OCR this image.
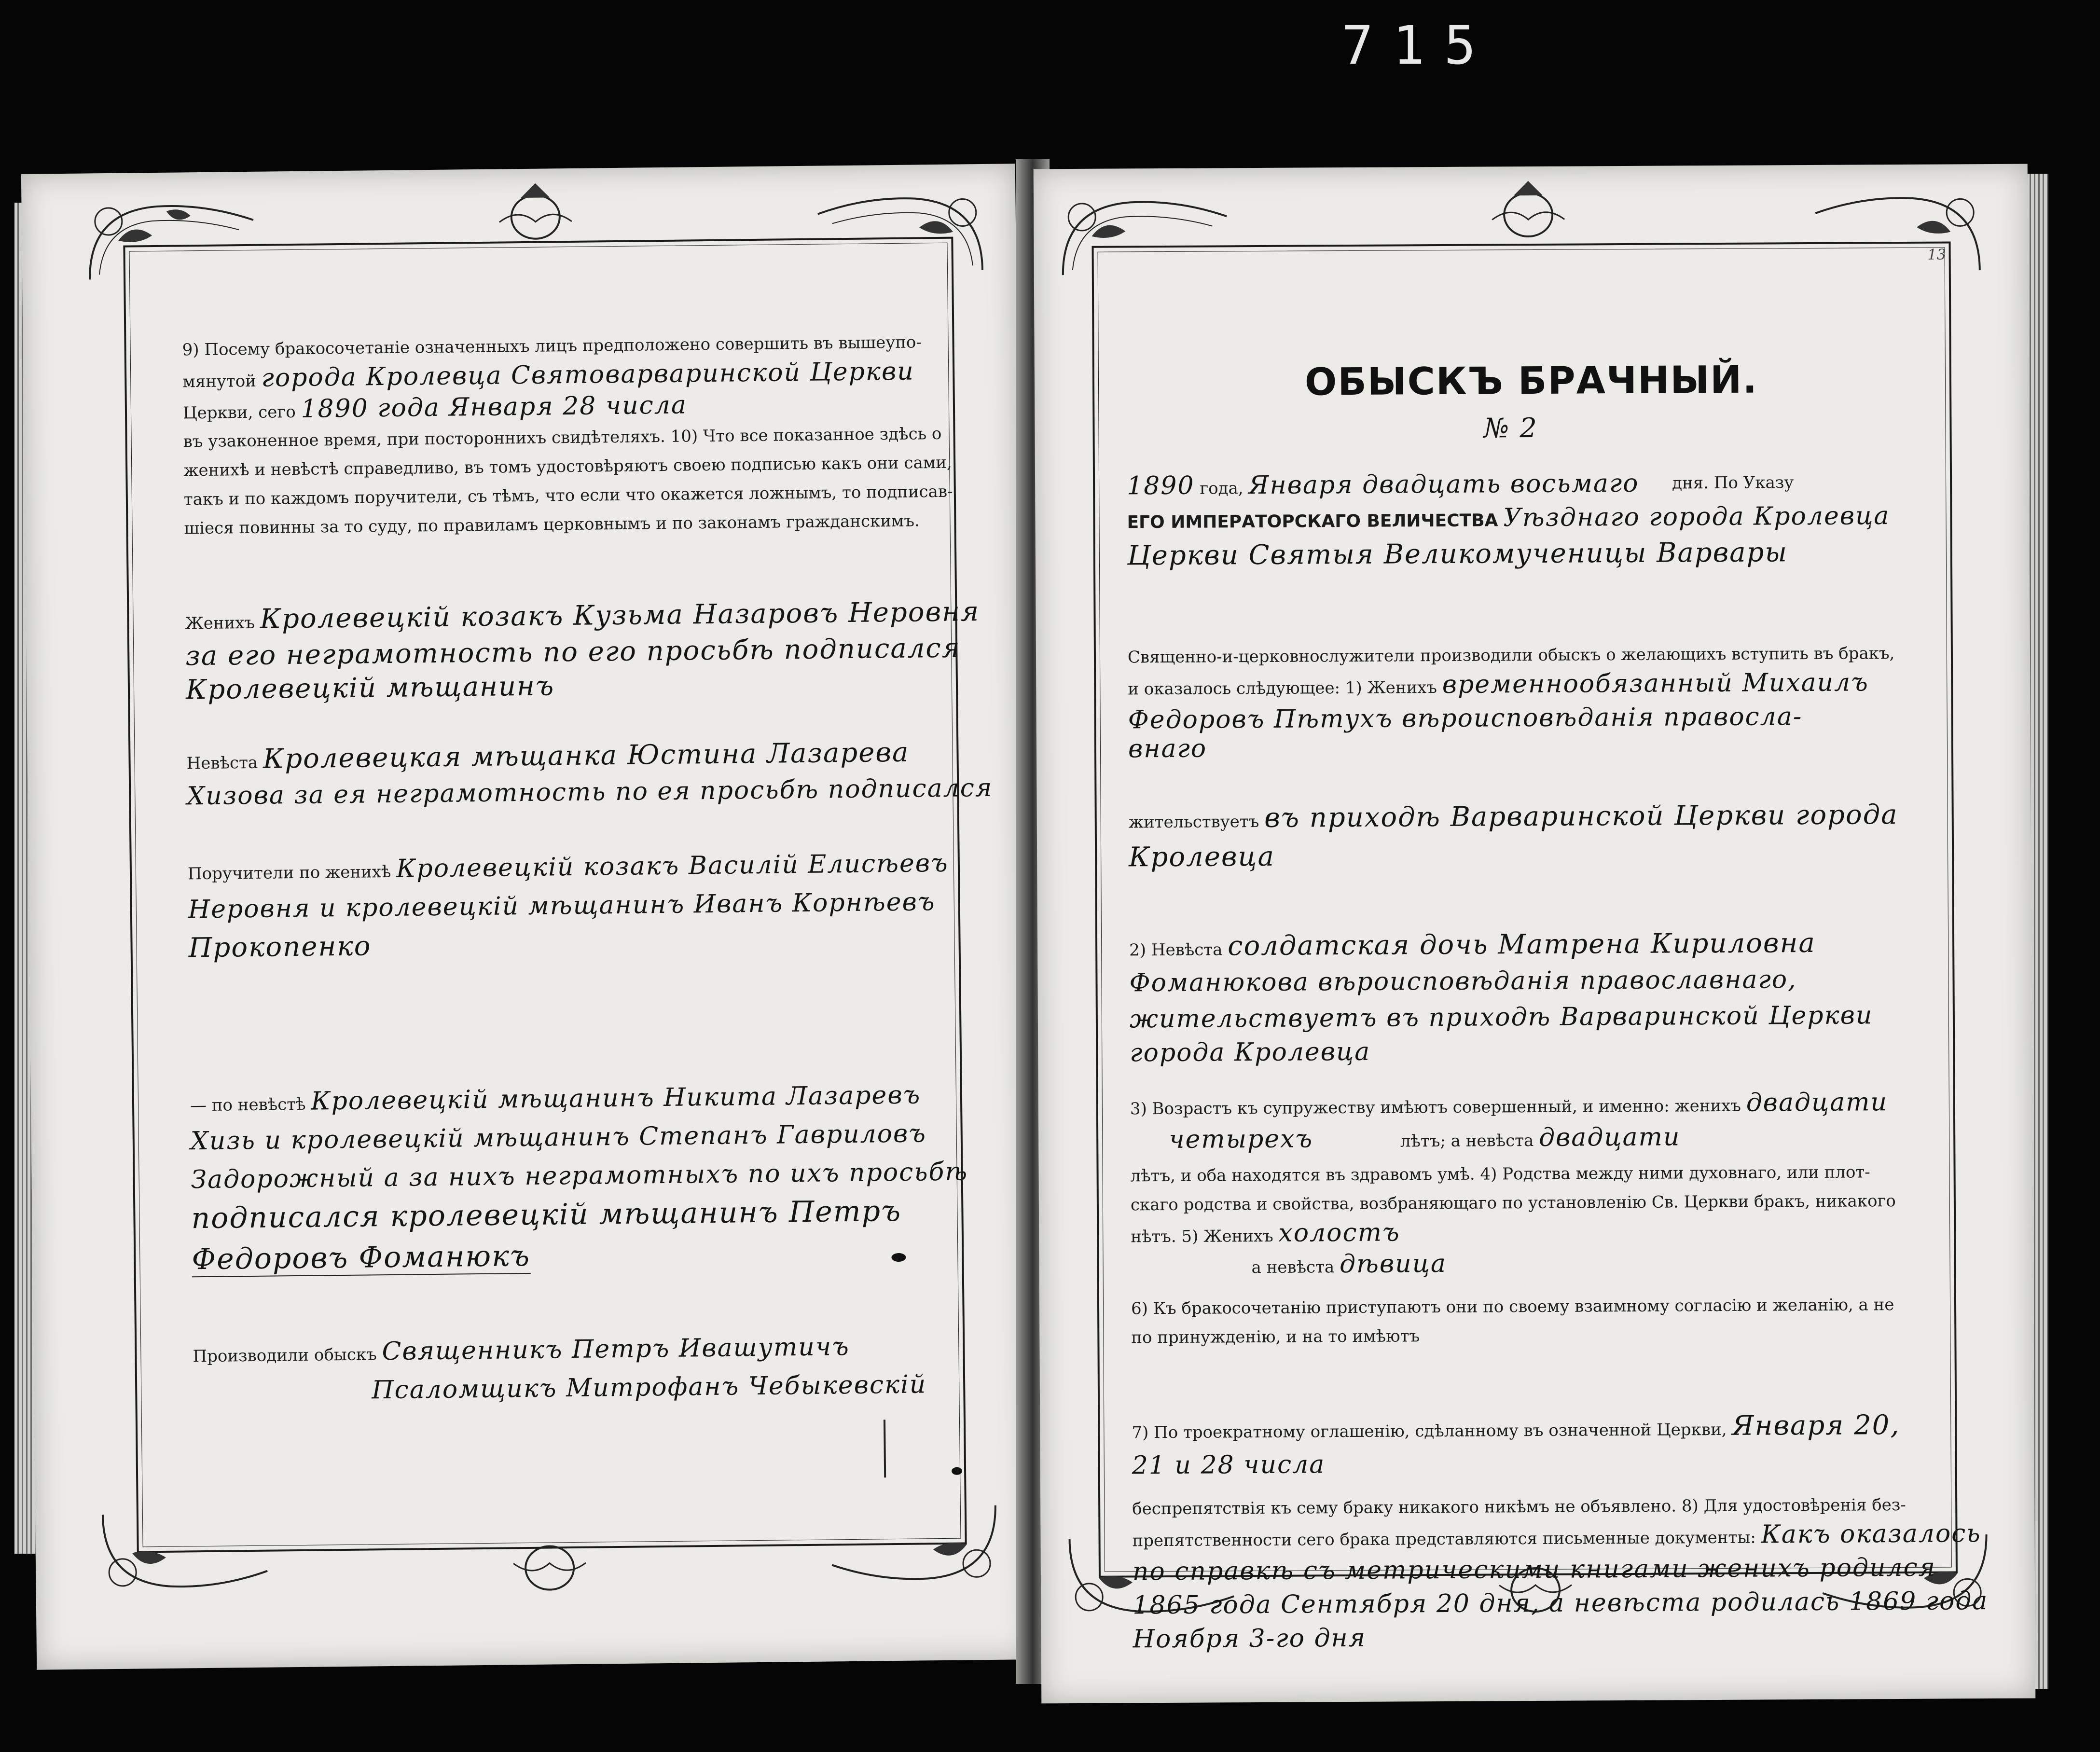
715
9) Посему бракосочетаніе означенныхъ лицъ предположено совершить въ вышеупо-
мянутой города Кролевца Святоварваринской Церкви
Церкви, сего 1890 года Января 28 числа
въ узаконенное время, при постороннихъ свидѣтеляхъ. 10) Что все показанное здѣсь о
женихѣ и невѣстѣ справедливо, въ томъ удостовѣряютъ своею подписью какъ они сами,
такъ и по каждомъ поручители, съ тѣмъ, что если что окажется ложнымъ, то подписав-
шіеся повинны за то суду, по правиламъ церковнымъ и по законамъ гражданскимъ.
Женихъ Кролевецкій козакъ Кузьма Назаровъ Неровня
за его неграмотность по его просьбѣ подписался
Кролевецкій мѣщанинъ
Невѣста Кролевецкая мѣщанка Юстина Лазарева
Хизова за ея неграмотность по ея просьбѣ подписался
Поручители по женихѣ Кролевецкій козакъ Василій Елисѣевъ
Неровня и кролевецкій мѣщанинъ Иванъ Корнѣевъ
Прокопенко
— по невѣстѣ Кролевецкій мѣщанинъ Никита Лазаревъ
Хизь и кролевецкій мѣщанинъ Степанъ Гавриловъ
Задорожный а за нихъ неграмотныхъ по ихъ просьбѣ
подписался кролевецкій мѣщанинъ Петръ
Федоровъ Фоманюкъ
Производили обыскъ Священникъ Петръ Ивашутичъ
Псаломщикъ Митрофанъ Чебыкевскій
13
ОБЫСКЪ БРАЧНЫЙ.
№ 2
1890 года, Января двадцать восьмаго дня. По Указу
ЕГО ИМПЕРАТОРСКАГО ВЕЛИЧЕСТВА Уѣзднаго города Кролевца
Церкви Святыя Великомученицы Варвары
Священно-и-церковнослужители производили обыскъ о желающихъ вступить въ бракъ,
и оказалось слѣдующее: 1) Женихъ временнообязанный Михаилъ
Федоровъ Пѣтухъ вѣроисповѣданія правосла-
внаго
жительствуетъ въ приходѣ Варваринской Церкви города
Кролевца
2) Невѣста солдатская дочь Матрена Кириловна
Фоманюкова вѣроисповѣданія православнаго,
жительствуетъ въ приходѣ Варваринской Церкви
города Кролевца
3) Возрастъ къ супружеству имѣютъ совершенный, и именно: женихъ двадцати
четырехъ	лѣтъ; а невѣста двадцати
лѣтъ, и оба находятся въ здравомъ умѣ. 4) Родства между ними духовнаго, или плот-
скаго родства и свойства, возбраняющаго по установленію Св. Церкви бракъ, никакого
нѣтъ. 5) Женихъ холостъ
а невѣста дѣвица
6) Къ бракосочетанію приступаютъ они по своему взаимному согласію и желанію, а не
по принужденію, и на то имѣютъ
7) По троекратному оглашенію, сдѣланному въ означенной Церкви, Января 20,
21 и 28 числа
беспрепятствія къ сему браку никакого никѣмъ не объявлено. 8) Для удостовѣренія без-
препятственности сего брака представляются письменные документы: Какъ оказалось
по справкѣ съ метрическими книгами женихъ родился
1865 года Сентября 20 дня, а невѣста родилась 1869 года
Ноября 3-го дня
